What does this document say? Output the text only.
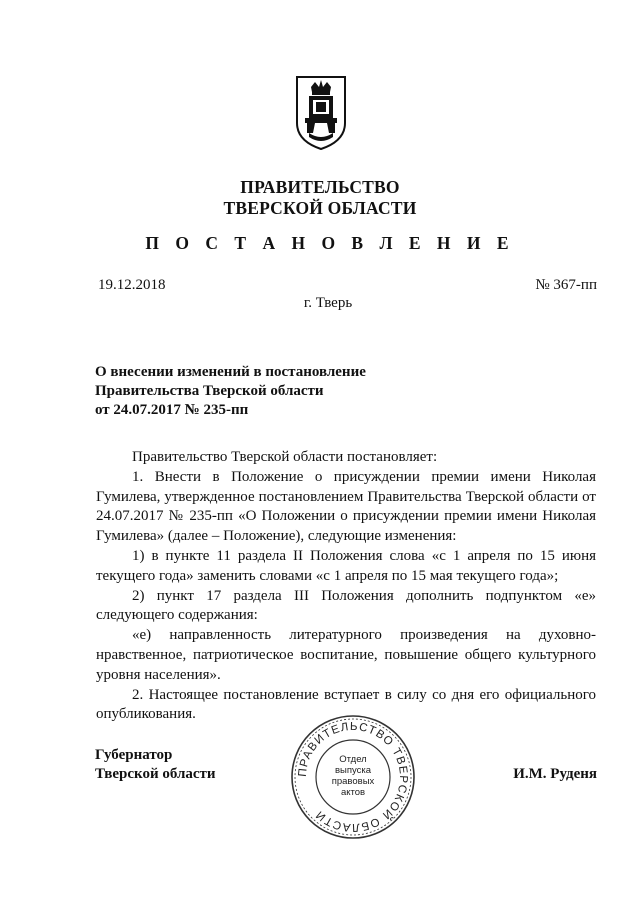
ПРАВИТЕЛЬСТВО
ТВЕРСКОЙ ОБЛАСТИ
П О С Т А Н О В Л Е Н И Е
19.12.2018	№ 367-пп
г. Тверь
О внесении изменений в постановление
Правительства Тверской области
от 24.07.2017 № 235-пп

Правительство Тверской области постановляет:

1. Внести в Положение о присуждении премии имени Николая Гумилева, утвержденное постановлением Правительства Тверской области от 24.07.2017 № 235-пп «О Положении о присуждении премии имени Николая Гумилева» (далее – Положение), следующие изменения:

1) в пункте 11 раздела II Положения слова «с 1 апреля по 15 июня текущего года» заменить словами «с 1 апреля по 15 мая текущего года»;

2) пункт 17 раздела III Положения дополнить подпунктом «е» следующего содержания:

«е) направленность литературного произведения на духовно-нравственное, патриотическое воспитание, повышение общего культурного уровня населения».

2. Настоящее постановление вступает в силу со дня его официального опубликования.

Губернатор
Тверской области	И.М. Руденя
ПРАВИТЕЛЬСТВО ТВЕРСКОЙ ОБЛАСТИ
Отдел
выпуска
правовых
актов
